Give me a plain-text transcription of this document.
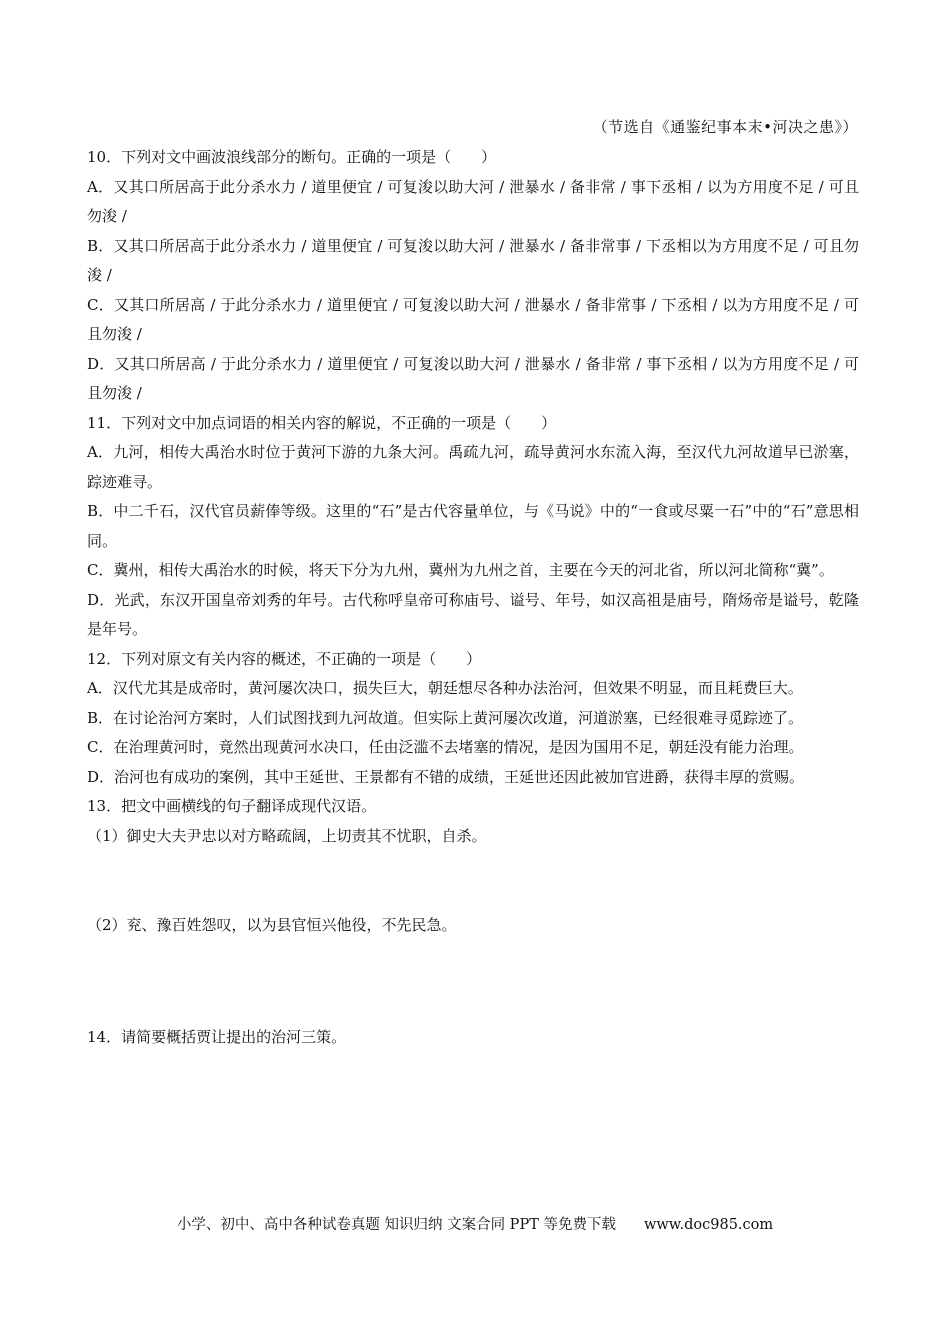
（节选自《通鉴纪事本末•河决之患》）
10．下列对文中画波浪线部分的断句。正确的一项是（　　）
A．又其口所居高于此分杀水力 / 道里便宜 / 可复浚以助大河 / 泄暴水 / 备非常 / 事下丞相 / 以为方用度不足 / 可且勿浚 /
B．又其口所居高于此分杀水力 / 道里便宜 / 可复浚以助大河 / 泄暴水 / 备非常事 / 下丞相以为方用度不足 / 可且勿浚 /
C．又其口所居高 / 于此分杀水力 / 道里便宜 / 可复浚以助大河 / 泄暴水 / 备非常事 / 下丞相 / 以为方用度不足 / 可且勿浚 /
D．又其口所居高 / 于此分杀水力 / 道里便宜 / 可复浚以助大河 / 泄暴水 / 备非常 / 事下丞相 / 以为方用度不足 / 可且勿浚 /
11．下列对文中加点词语的相关内容的解说，不正确的一项是（　　）
A．九河，相传大禹治水时位于黄河下游的九条大河。禹疏九河，疏导黄河水东流入海，至汉代九河故道早已淤塞，踪迹难寻。
B．中二千石，汉代官员薪俸等级。这里的“石”是古代容量单位，与《马说》中的“一食或尽粟一石”中的“石”意思相同。
C．冀州，相传大禹治水的时候，将天下分为九州，冀州为九州之首，主要在今天的河北省，所以河北简称“冀”。
D．光武，东汉开国皇帝刘秀的年号。古代称呼皇帝可称庙号、谥号、年号，如汉高祖是庙号，隋炀帝是谥号，乾隆是年号。
12．下列对原文有关内容的概述，不正确的一项是（　　）
A．汉代尤其是成帝时，黄河屡次决口，损失巨大，朝廷想尽各种办法治河，但效果不明显，而且耗费巨大。
B．在讨论治河方案时，人们试图找到九河故道。但实际上黄河屡次改道，河道淤塞，已经很难寻觅踪迹了。
C．在治理黄河时，竟然出现黄河水决口，任由泛滥不去堵塞的情况，是因为国用不足，朝廷没有能力治理。
D．治河也有成功的案例，其中王延世、王景都有不错的成绩，王延世还因此被加官进爵，获得丰厚的赏赐。
13．把文中画横线的句子翻译成现代汉语。
（1）御史大夫尹忠以对方略疏阔，上切责其不忧职，自杀。
（2）兖、豫百姓怨叹，以为县官恒兴他役，不先民急。
14．请简要概括贾让提出的治河三策。
小学、初中、高中各种试卷真题 知识归纳 文案合同 PPT 等免费下载 www.doc985.com
